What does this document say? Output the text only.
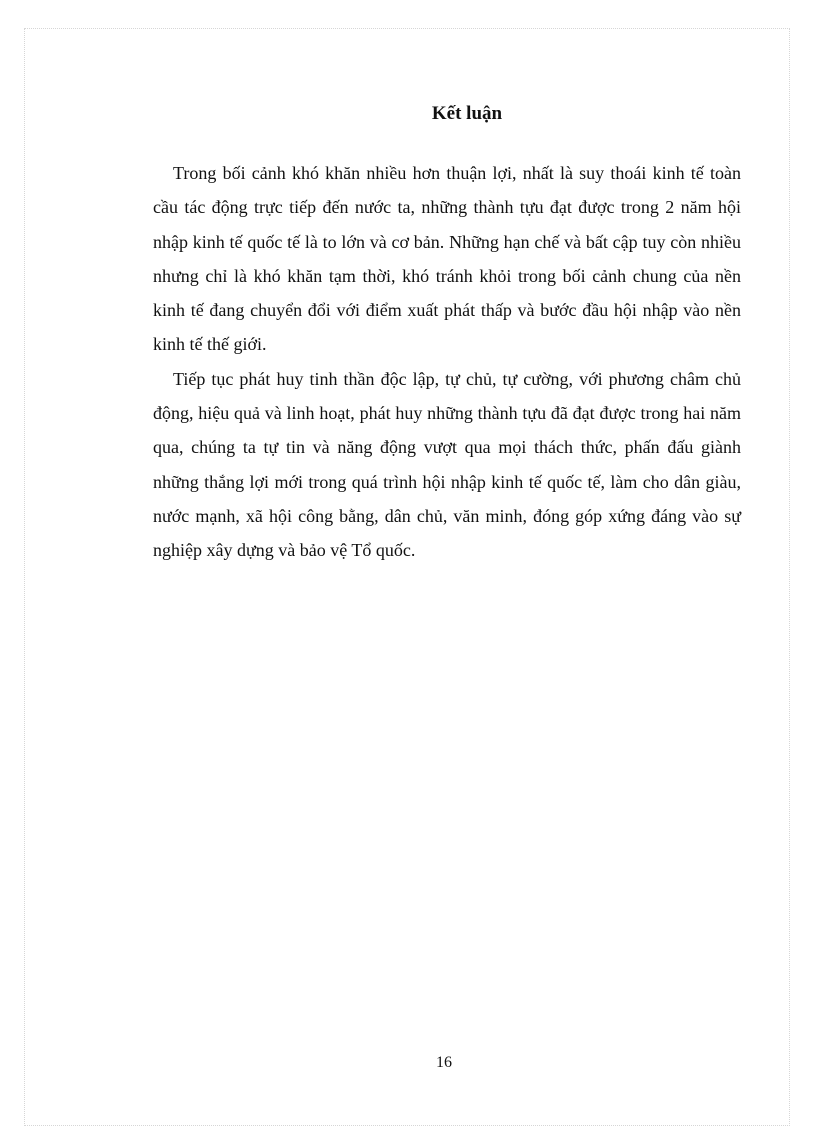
Kết luận

Trong bối cảnh khó khăn nhiều hơn thuận lợi, nhất là suy thoái kinh tế toàn cầu tác động trực tiếp đến nước ta, những thành tựu đạt được trong 2 năm hội nhập kinh tế quốc tế là to lớn và cơ bản. Những hạn chế và bất cập tuy còn nhiều nhưng chỉ là khó khăn tạm thời, khó tránh khỏi trong bối cảnh chung của nền kinh tế đang chuyển đổi với điểm xuất phát thấp và bước đầu hội nhập vào nền kinh tế thế giới.

Tiếp tục phát huy tinh thần độc lập, tự chủ, tự cường, với phương châm chủ động, hiệu quả và linh hoạt, phát huy những thành tựu đã đạt được trong hai năm qua, chúng ta tự tin và năng động vượt qua mọi thách thức, phấn đấu giành những thắng lợi mới trong quá trình hội nhập kinh tế quốc tế, làm cho dân giàu, nước mạnh, xã hội công bằng, dân chủ, văn minh, đóng góp xứng đáng vào sự nghiệp xây dựng và bảo vệ Tổ quốc.

16
